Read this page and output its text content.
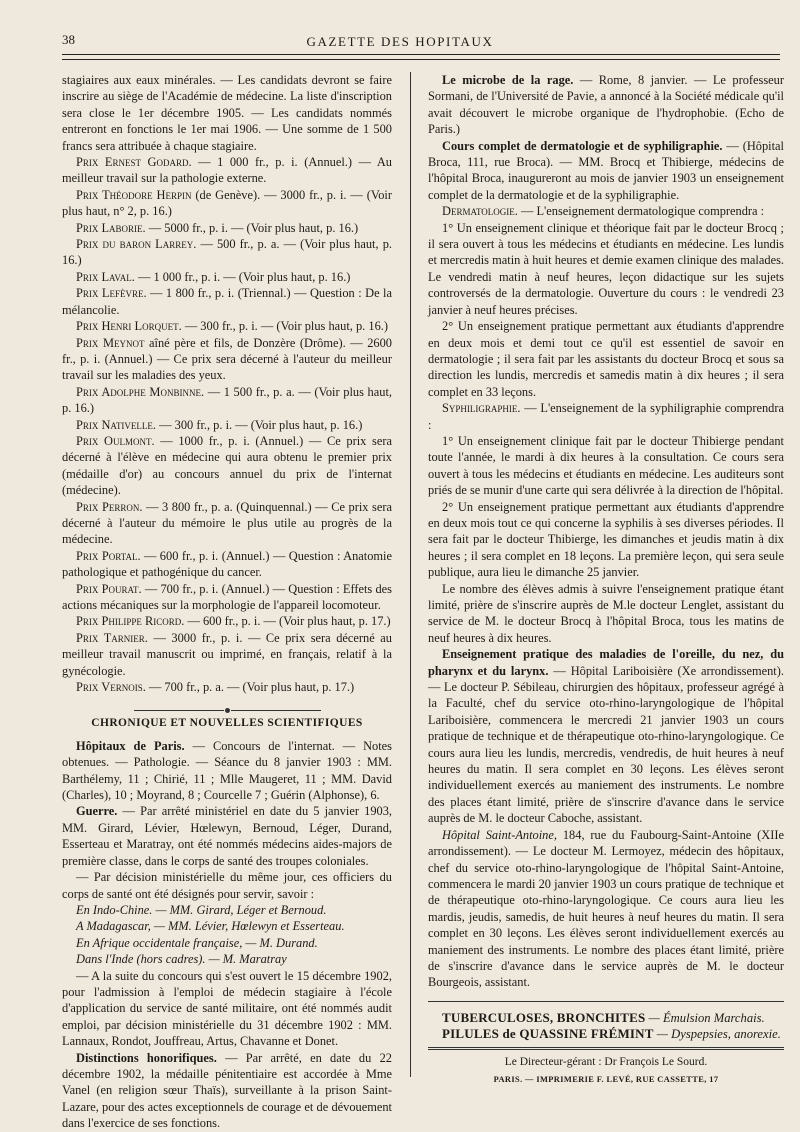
38	GAZETTE DES HOPITAUX

stagiaires aux eaux minérales. — Les candidats devront se faire inscrire au siège de l'Académie de médecine. La liste d'inscription sera close le 1er décembre 1905. — Les candidats nommés entreront en fonctions le 1er mai 1906. — Une somme de 1 500 francs sera attribuée à chaque stagiaire.

Prix Ernest Godard. — 1 000 fr., p. i. (Annuel.) — Au meilleur travail sur la pathologie externe.

Prix Théodore Herpin (de Genève). — 3000 fr., p. i. — (Voir plus haut, n° 2, p. 16.)

Prix Laborie. — 5000 fr., p. i. — (Voir plus haut, p. 16.)

Prix du baron Larrey. — 500 fr., p. a. — (Voir plus haut, p. 16.)

Prix Laval. — 1 000 fr., p. i. — (Voir plus haut, p. 16.)

Prix Lefèvre. — 1 800 fr., p. i. (Triennal.) — Question : De la mélancolie.

Prix Henri Lorquet. — 300 fr., p. i. — (Voir plus haut, p. 16.)

Prix Meynot aîné père et fils, de Donzère (Drôme). — 2600 fr., p. i. (Annuel.) — Ce prix sera décerné à l'auteur du meilleur travail sur les maladies des yeux.

Prix Adolphe Monbinne. — 1 500 fr., p. a. — (Voir plus haut, p. 16.)

Prix Nativelle. — 300 fr., p. i. — (Voir plus haut, p. 16.)

Prix Oulmont. — 1000 fr., p. i. (Annuel.) — Ce prix sera décerné à l'élève en médecine qui aura obtenu le premier prix (médaille d'or) au concours annuel du prix de l'internat (médecine).

Prix Perron. — 3 800 fr., p. a. (Quinquennal.) — Ce prix sera décerné à l'auteur du mémoire le plus utile au progrès de la médecine.

Prix Portal. — 600 fr., p. i. (Annuel.) — Question : Anatomie pathologique et pathogénique du cancer.

Prix Pourat. — 700 fr., p. i. (Annuel.) — Question : Effets des actions mécaniques sur la morphologie de l'appareil locomoteur.

Prix Philippe Ricord. — 600 fr., p. i. — (Voir plus haut, p. 17.)

Prix Tarnier. — 3000 fr., p. i. — Ce prix sera décerné au meilleur travail manuscrit ou imprimé, en français, relatif à la gynécologie.

Prix Vernois. — 700 fr., p. a. — (Voir plus haut, p. 17.)

CHRONIQUE ET NOUVELLES SCIENTIFIQUES

Hôpitaux de Paris. — Concours de l'internat. — Notes obtenues. — Pathologie. — Séance du 8 janvier 1903 : MM. Barthélemy, 11 ; Chirié, 11 ; Mlle Maugeret, 11 ; MM. David (Charles), 10 ; Moyrand, 8 ; Courcelle 7 ; Guérin (Alphonse), 6.

Guerre. — Par arrêté ministériel en date du 5 janvier 1903, MM. Girard, Lévier, Hœlewyn, Bernoud, Léger, Durand, Esserteau et Maratray, ont été nommés médecins aides-majors de première classe, dans le corps de santé des troupes coloniales.

— Par décision ministérielle du même jour, ces officiers du corps de santé ont été désignés pour servir, savoir :

En Indo-Chine. — MM. Girard, Léger et Bernoud.

A Madagascar, — MM. Lévier, Hœlewyn et Esserteau.

En Afrique occidentale française, — M. Durand.

Dans l'Inde (hors cadres). — M. Maratray

— A la suite du concours qui s'est ouvert le 15 décembre 1902, pour l'admission à l'emploi de médecin stagiaire à l'école d'application du service de santé militaire, ont été nommés audit emploi, par décision ministérielle du 31 décembre 1902 : MM. Lannaux, Rondot, Jouffreau, Artus, Chavanne et Donet.

Distinctions honorifiques. — Par arrêté, en date du 22 décembre 1902, la médaille pénitentiaire est accordée à Mme Vanel (en religion sœur Thaïs), surveillante à la prison Saint-Lazare, pour des actes exceptionnels de courage et de dévouement dans l'exercice de ses fonctions.

Le microbe de la rage. — Rome, 8 janvier. — Le professeur Sormani, de l'Université de Pavie, a annoncé à la Société médicale qu'il avait découvert le microbe organique de l'hydrophobie. (Echo de Paris.)

Cours complet de dermatologie et de syphiligraphie. — (Hôpital Broca, 111, rue Broca). — MM. Brocq et Thibierge, médecins de l'hôpital Broca, inaugureront au mois de janvier 1903 un enseignement complet de la dermatologie et de la syphiligraphie.

Dermatologie. — L'enseignement dermatologique comprendra :

1° Un enseignement clinique et théorique fait par le docteur Brocq ; il sera ouvert à tous les médecins et étudiants en médecine. Les lundis et mercredis matin à huit heures et demie examen clinique des malades. Le vendredi matin à neuf heures, leçon didactique sur les sujets controversés de la dermatologie. Ouverture du cours : le vendredi 23 janvier à neuf heures précises.

2° Un enseignement pratique permettant aux étudiants d'apprendre en deux mois et demi tout ce qu'il est essentiel de savoir en dermatologie ; il sera fait par les assistants du docteur Brocq et sous sa direction les lundis, mercredis et samedis matin à dix heures ; il sera complet en 33 leçons.

Syphiligraphie. — L'enseignement de la syphiligraphie comprendra :

1° Un enseignement clinique fait par le docteur Thibierge pendant toute l'année, le mardi à dix heures à la consultation. Ce cours sera ouvert à tous les médecins et étudiants en médecine. Les auditeurs sont priés de se munir d'une carte qui sera délivrée à la direction de l'hôpital.

2° Un enseignement pratique permettant aux étudiants d'apprendre en deux mois tout ce qui concerne la syphilis à ses diverses périodes. Il sera fait par le docteur Thibierge, les dimanches et jeudis matin à dix heures ; il sera complet en 18 leçons. La première leçon, qui sera seule publique, aura lieu le dimanche 25 janvier.

Le nombre des élèves admis à suivre l'enseignement pratique étant limité, prière de s'inscrire auprès de M.le docteur Lenglet, assistant du service de M. le docteur Brocq à l'hôpital Broca, tous les matins de neuf heures à dix heures.

Enseignement pratique des maladies de l'oreille, du nez, du pharynx et du larynx. — Hôpital Lariboisière (Xe arrondissement). — Le docteur P. Sébileau, chirurgien des hôpitaux, professeur agrégé à la Faculté, chef du service oto-rhino-laryngologique de l'hôpital Lariboisière, commencera le mercredi 21 janvier 1903 un cours pratique de technique et de thérapeutique oto-rhino-laryngologique. Ce cours aura lieu les lundis, mercredis, vendredis, de huit heures à neuf heures du matin. Il sera complet en 30 leçons. Les élèves seront individuellement exercés au maniement des instruments. Le nombre des places étant limité, prière de s'inscrire d'avance dans le service auprès de M. le docteur Caboche, assistant.

Hôpital Saint-Antoine, 184, rue du Faubourg-Saint-Antoine (XIIe arrondissement). — Le docteur M. Lermoyez, médecin des hôpitaux, chef du service oto-rhino-laryngologique de l'hôpital Saint-Antoine, commencera le mardi 20 janvier 1903 un cours pratique de technique et de thérapeutique oto-rhino-laryngologique. Ce cours aura lieu les mardis, jeudis, samedis, de huit heures à neuf heures du matin. Il sera complet en 30 leçons. Les élèves seront individuellement exercés au maniement des instruments. Le nombre des places étant limité, prière de s'inscrire d'avance dans le service auprès de M. le docteur Bourgeois, assistant.

TUBERCULOSES, BRONCHITES — Émulsion Marchais.

PILULES de QUASSINE FRÉMINT — Dyspepsies, anorexie.

Le Directeur-gérant : Dr François Le Sourd.
PARIS. — IMPRIMERIE F. LEVÉ, RUE CASSETTE, 17
